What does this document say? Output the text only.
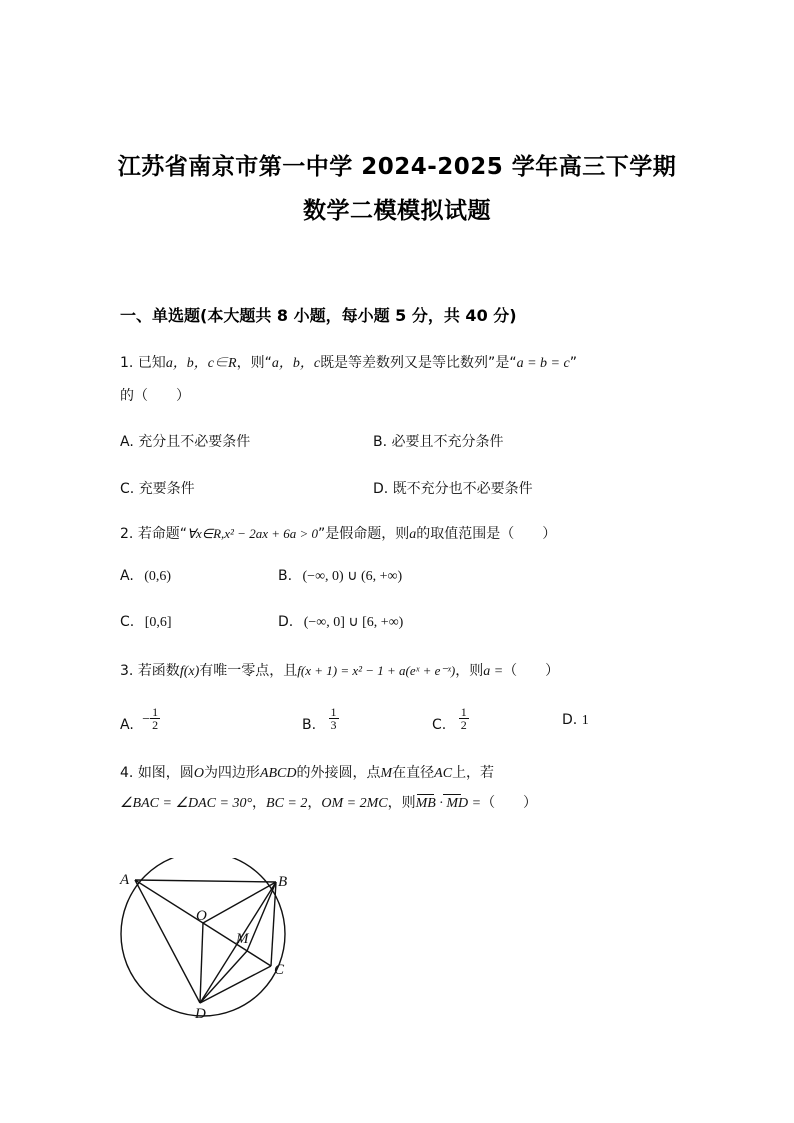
江苏省南京市第一中学 2024-2025 学年高三下学期
数学二模模拟试题
一、单选题(本大题共 8 小题，每小题 5 分，共 40 分)
1. 已知a，b，c∈R，则“a，b，c既是等差数列又是等比数列”是“a = b = c”
的（　　）
A. 充分且不必要条件	B. 必要且不充分条件
C. 充要条件	D. 既不充分也不必要条件
2. 若命题“∀x∈R,x² − 2ax + 6a > 0”是假命题，则a的取值范围是（　　）
A. (0,6)	B. (−∞, 0) ∪ (6, +∞)
C. [0,6]	D. (−∞, 0] ∪ [6, +∞)
3. 若函数f(x)有唯一零点，且f(x + 1) = x² − 1 + a(eˣ + e⁻ˣ)，则a =（　　）
A. − $\frac{1}{2}$	B. $\frac{1}{3}$	C. $\frac{1}{2}$	D. 1
4. 如图，圆O为四边形ABCD的外接圆，点M在直径AC上，若
∠BAC = ∠DAC = 30°，BC = 2，OM = 2MC，则
MB · MD =（　　）
A	B
C
D
O
M
